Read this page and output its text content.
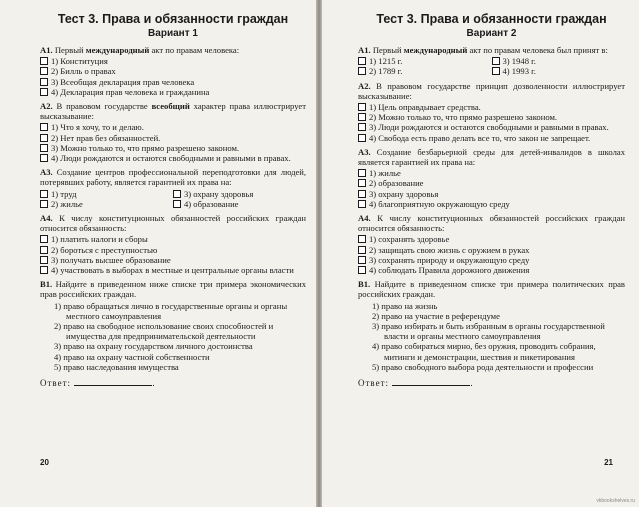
Тест 3. Права и обязанности граждан
Вариант 1
А1. Первый международный акт по правам человека:
1) Конституция
2) Билль о правах
3) Всеобщая декларация прав человека
4) Декларация прав человека и гражданина
А2. В правовом государстве всеобщий характер права иллюстрирует высказывание:
1) Что я хочу, то и делаю.
2) Нет прав без обязанностей.
3) Можно только то, что прямо разрешено законом.
4) Люди рождаются и остаются свободными и равными в правах.
А3. Создание центров профессиональной переподготовки для людей, потерявших работу, является гарантией их права на:
1) труд	3) охрану здоровья
2) жилье	4) образование
А4. К числу конституционных обязанностей российских граждан относится обязанность:
1) платить налоги и сборы
2) бороться с преступностью
3) получать высшее образование
4) участвовать в выборах в местные и центральные органы власти
В1. Найдите в приведенном ниже списке три примера экономических прав российских граждан.
1) право обращаться лично в государственные органы и органы местного самоуправления
2) право на свободное использование своих способностей и имущества для предпринимательской деятельности
3) право на охрану государством личного достоинства
4) право на охрану частной собственности
5) право наследования имущества
Ответ:	.
20
Тест 3. Права и обязанности граждан
Вариант 2
А1. Первый международный акт по правам человека был принят в:
1) 1215 г.	3) 1948 г.
2) 1789 г.	4) 1993 г.
А2. В правовом государстве принцип дозволенности иллюстрирует высказывание:
1) Цель оправдывает средства.
2) Можно только то, что прямо разрешено законом.
3) Люди рождаются и остаются свободными и равными в правах.
4) Свобода есть право делать все то, что закон не запрещает.
А3. Создание безбарьерной среды для детей-инвалидов в школах является гарантией их права на:
1) жилье
2) образование
3) охрану здоровья
4) благоприятную окружающую среду
А4. К числу конституционных обязанностей российских граждан относится обязанность:
1) сохранять здоровье
2) защищать свою жизнь с оружием в руках
3) сохранять природу и окружающую среду
4) соблюдать Правила дорожного движения
В1. Найдите в приведенном списке три примера политических прав российских граждан.
1) право на жизнь
2) право на участие в референдуме
3) право избирать и быть избранным в органы государственной власти и органы местного самоуправления
4) право собираться мирно, без оружия, проводить собрания, митинги и демонстрации, шествия и пикетирования
5) право свободного выбора рода деятельности и профессии
Ответ:	.
21
vkbookshelves.ru
